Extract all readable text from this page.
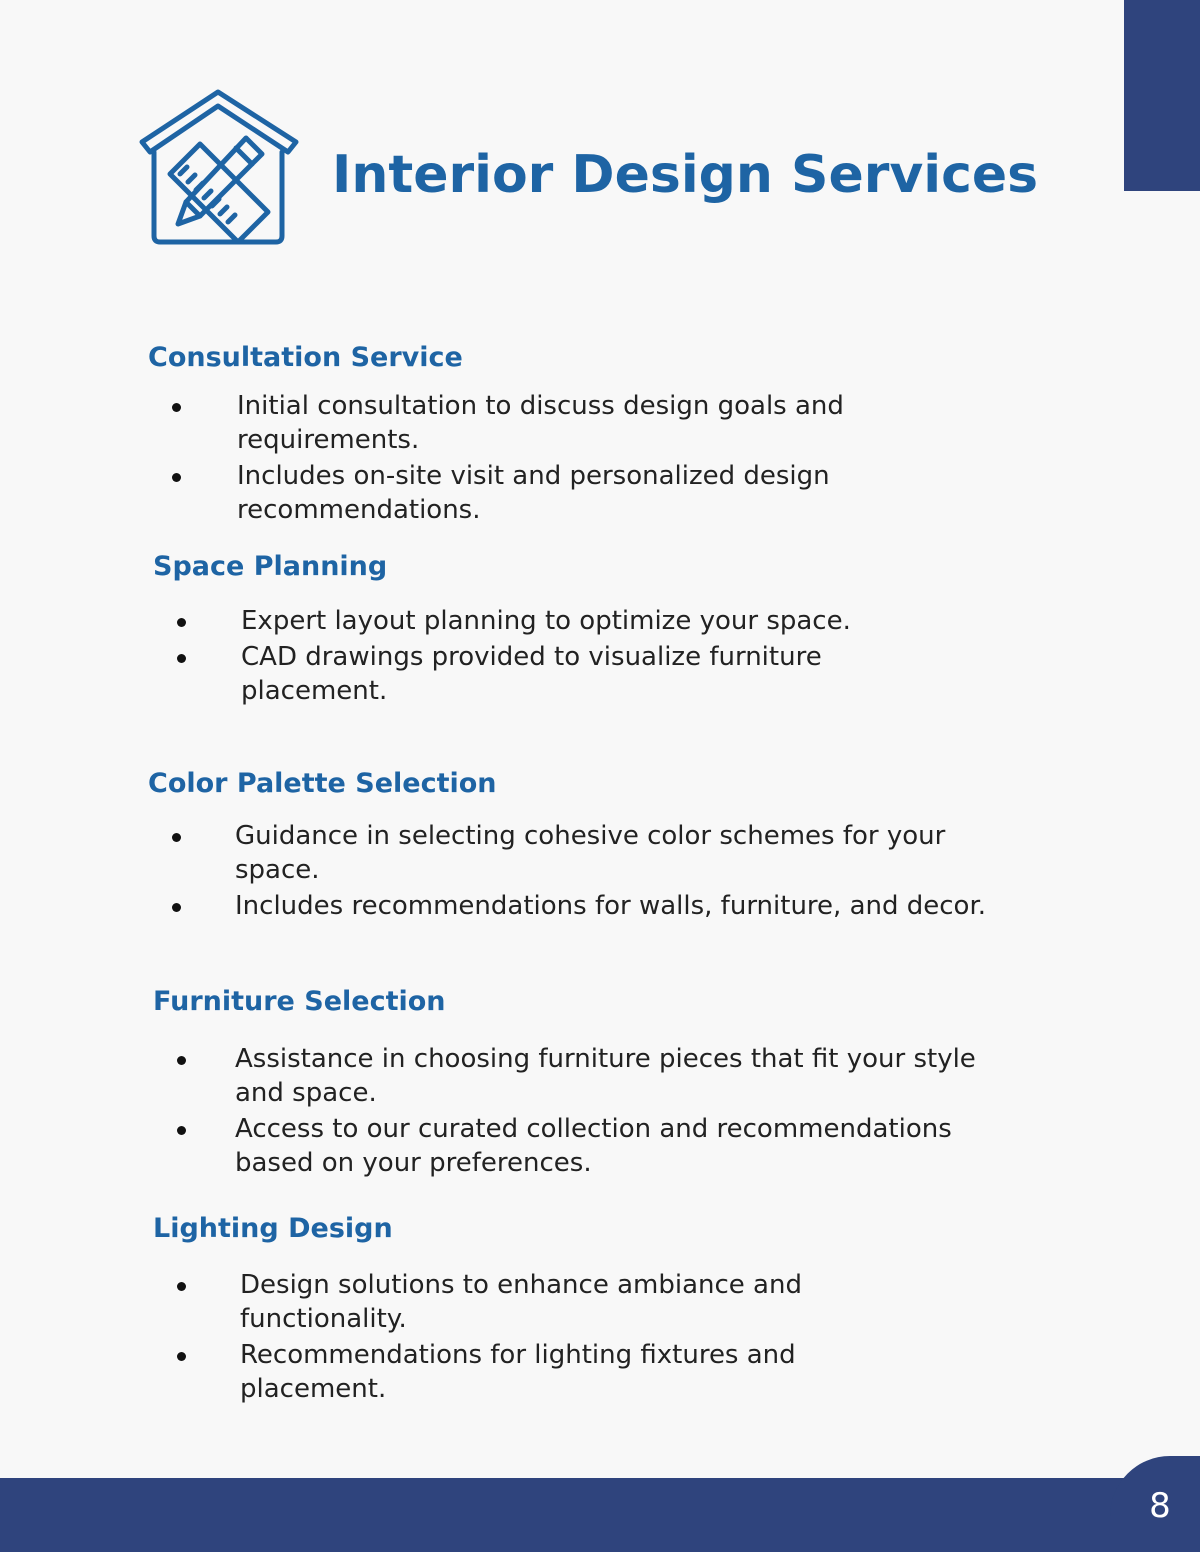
Interior Design Services
Consultation Service
Initial consultation to discuss design goals and requirements.
Includes on-site visit and personalized design recommendations.
Space Planning
Expert layout planning to optimize your space.
CAD drawings provided to visualize furniture placement.
Color Palette Selection
Guidance in selecting cohesive color schemes for your space.
Includes recommendations for walls, furniture, and decor.
Furniture Selection
Assistance in choosing furniture pieces that fit your style and space.
Access to our curated collection and recommendations based on your preferences.
Lighting Design
Design solutions to enhance ambiance and functionality.
Recommendations for lighting fixtures and placement.
8
